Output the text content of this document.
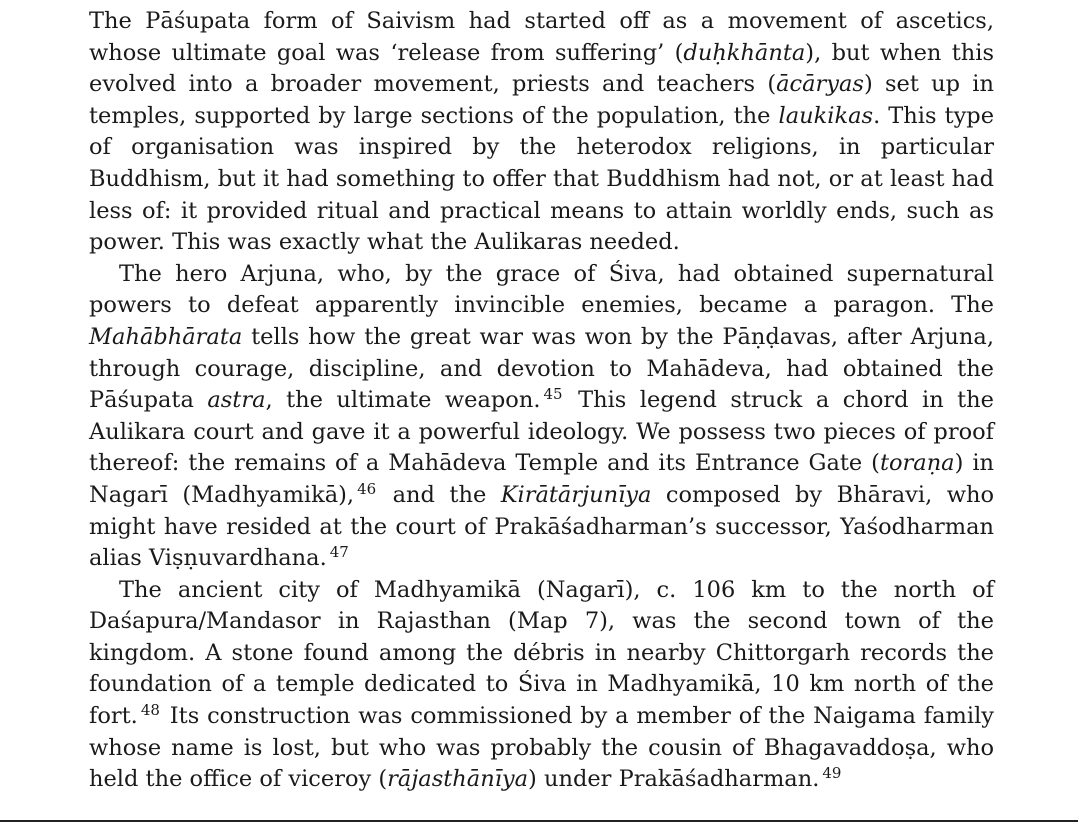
The Pāśupata form of Saivism had started off as a movement of ascetics, whose ultimate goal was ‘release from suffering’ (duḥkhānta), but when this evolved into a broader movement, priests and teachers (ācāryas) set up in temples, supported by large sections of the population, the laukikas. This type of organisation was inspired by the heterodox religions, in particular Buddhism, but it had something to offer that Buddhism had not, or at least had less of: it provided ritual and practical means to attain worldly ends, such as power. This was exactly what the Aulikaras needed.

The hero Arjuna, who, by the grace of Śiva, had obtained supernatural powers to defeat apparently invincible enemies, became a paragon. The Mahābhārata tells how the great war was won by the Pāṇḍavas, after Arjuna, through courage, discipline, and devotion to Mahādeva, had obtained the Pāśupata astra, the ultimate weapon. $^{45}$ This legend struck a chord in the Aulikara court and gave it a powerful ideology. We possess two pieces of proof thereof: the remains of a Mahādeva Temple and its Entrance Gate (toraṇa) in Nagarī (Madhyamikā), $^{46}$ and the Kirātārjunīya composed by Bhāravi, who might have resided at the court of Prakāśadharman’s successor, Yaśodharman alias Viṣṇuvardhana. $^{47}$

The ancient city of Madhyamikā (Nagarī), c. 106 km to the north of Daśapura/Mandasor in Rajasthan (Map 7), was the second town of the kingdom. A stone found among the débris in nearby Chittorgarh records the foundation of a temple dedicated to Śiva in Madhyamikā, 10 km north of the fort. $^{48}$ Its construction was commissioned by a member of the Naigama family whose name is lost, but who was probably the cousin of Bhagavaddoṣa, who held the office of viceroy (rājasthānīya) under Prakāśadharman. $^{49}$
